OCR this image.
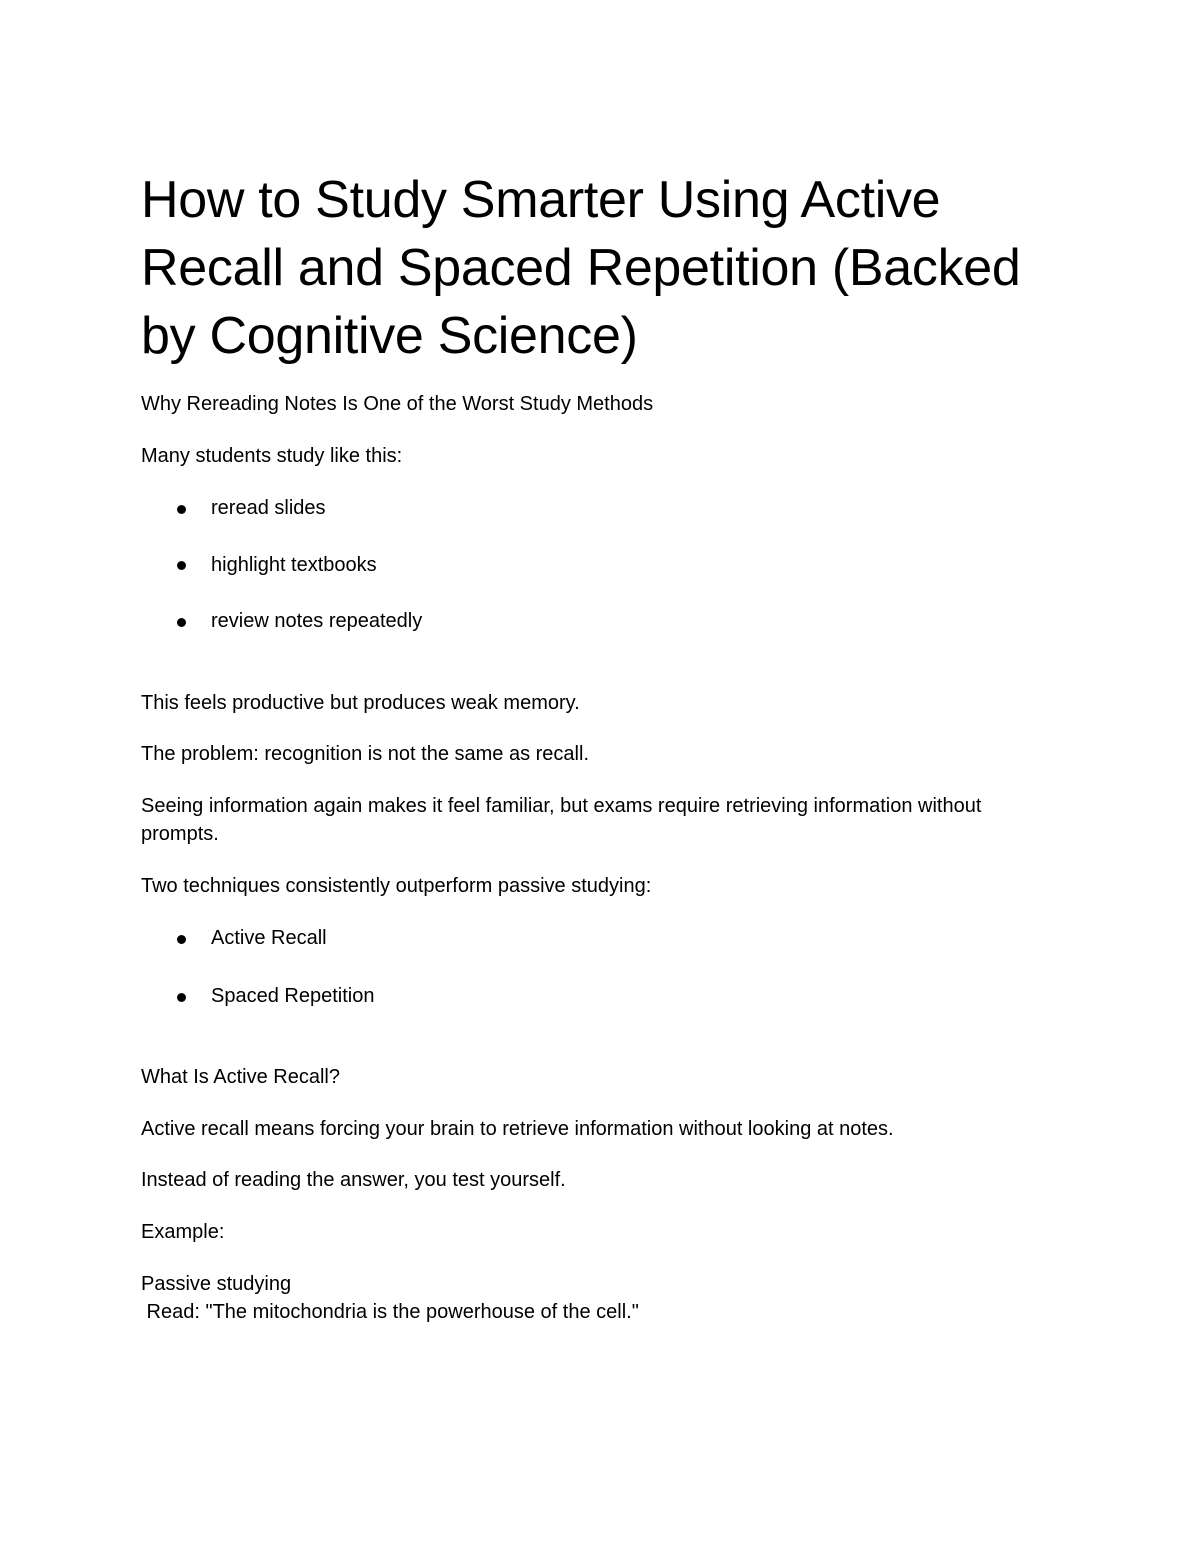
How to Study Smarter Using Active Recall and Spaced Repetition (Backed by Cognitive Science)

Why Rereading Notes Is One of the Worst Study Methods

Many students study like this:

reread slides
highlight textbooks
review notes repeatedly

This feels productive but produces weak memory.

The problem: recognition is not the same as recall.

Seeing information again makes it feel familiar, but exams require retrieving information without prompts.

Two techniques consistently outperform passive studying:

Active Recall
Spaced Repetition

What Is Active Recall?

Active recall means forcing your brain to retrieve information without looking at notes.

Instead of reading the answer, you test yourself.

Example:

Passive studying

Read: "The mitochondria is the powerhouse of the cell."
